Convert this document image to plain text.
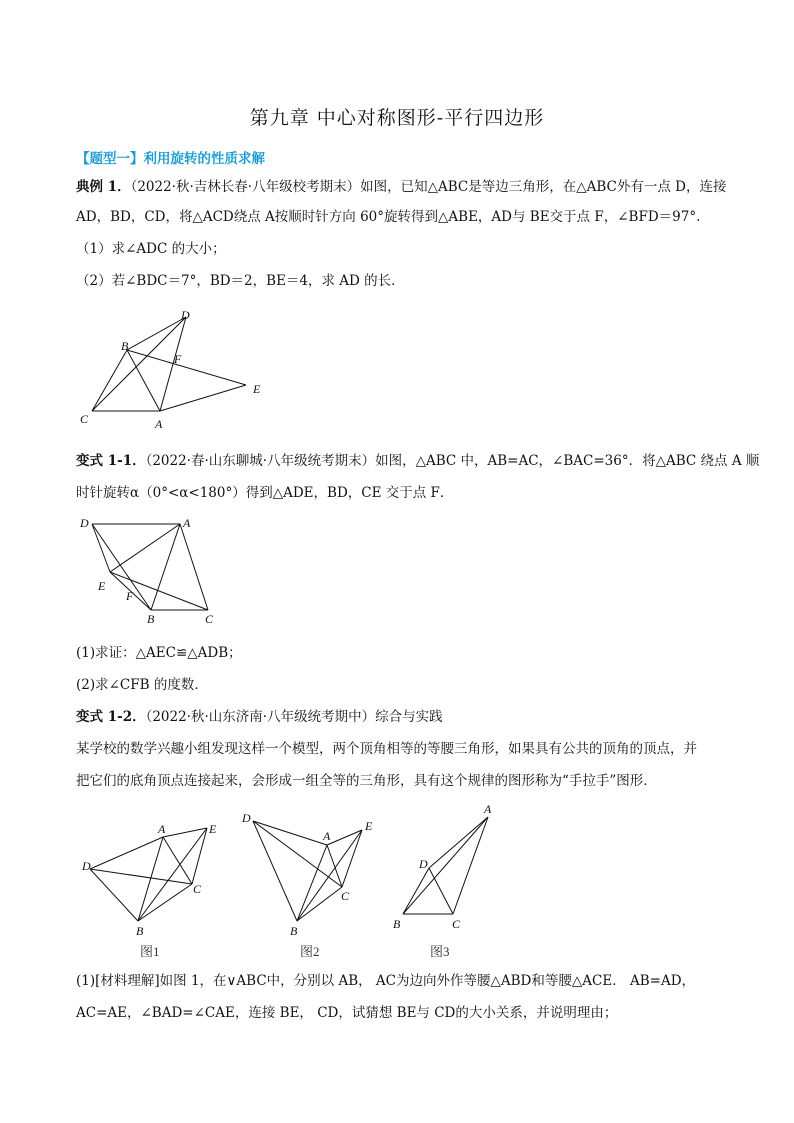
第九章 中心对称图形-平行四边形
【题型一】利用旋转的性质求解
典例 1．（2022·秋·吉林长春·八年级校考期末）如图，已知△ABC是等边三角形，在△ABC外有一点 D，连接
AD，BD，CD，将△ACD绕点 A按顺时针方向 60°旋转得到△ABE，AD与 BE交于点 F，∠BFD＝97°.
（1）求∠ADC 的大小；
（2）若∠BDC＝7°，BD＝2，BE＝4，求 AD 的长．
D
B
F
E
C	A
变式 1-1．（2022·春·山东聊城·八年级统考期末）如图，△ABC 中，AB=AC，∠BAC=36°．将△ABC 绕点 A 顺
时针旋转α（0°<α<180°）得到△ADE，BD，CE 交于点 F．
D	A
E
F
B	C
(1)求证：△AEC≌△ADB；
(2)求∠CFB 的度数．
变式 1-2．（2022·秋·山东济南·八年级统考期中）综合与实践
某学校的数学兴趣小组发现这样一个模型，两个顶角相等的等腰三角形，如果具有公共的顶角的顶点，并
把它们的底角顶点连接起来，会形成一组全等的三角形，具有这个规律的图形称为“手拉手”图形．
A	E
D
C
B
图1
D
A
E
C
B
图2
A
D
B	C
图3
(1)[材料理解]如图 1，在∨ABC中，分别以 AB， AC为边向外作等腰△ABD和等腰△ACE． AB=AD，
AC=AE，∠BAD=∠CAE，连接 BE， CD，试猜想 BE与 CD的大小关系，并说明理由；
